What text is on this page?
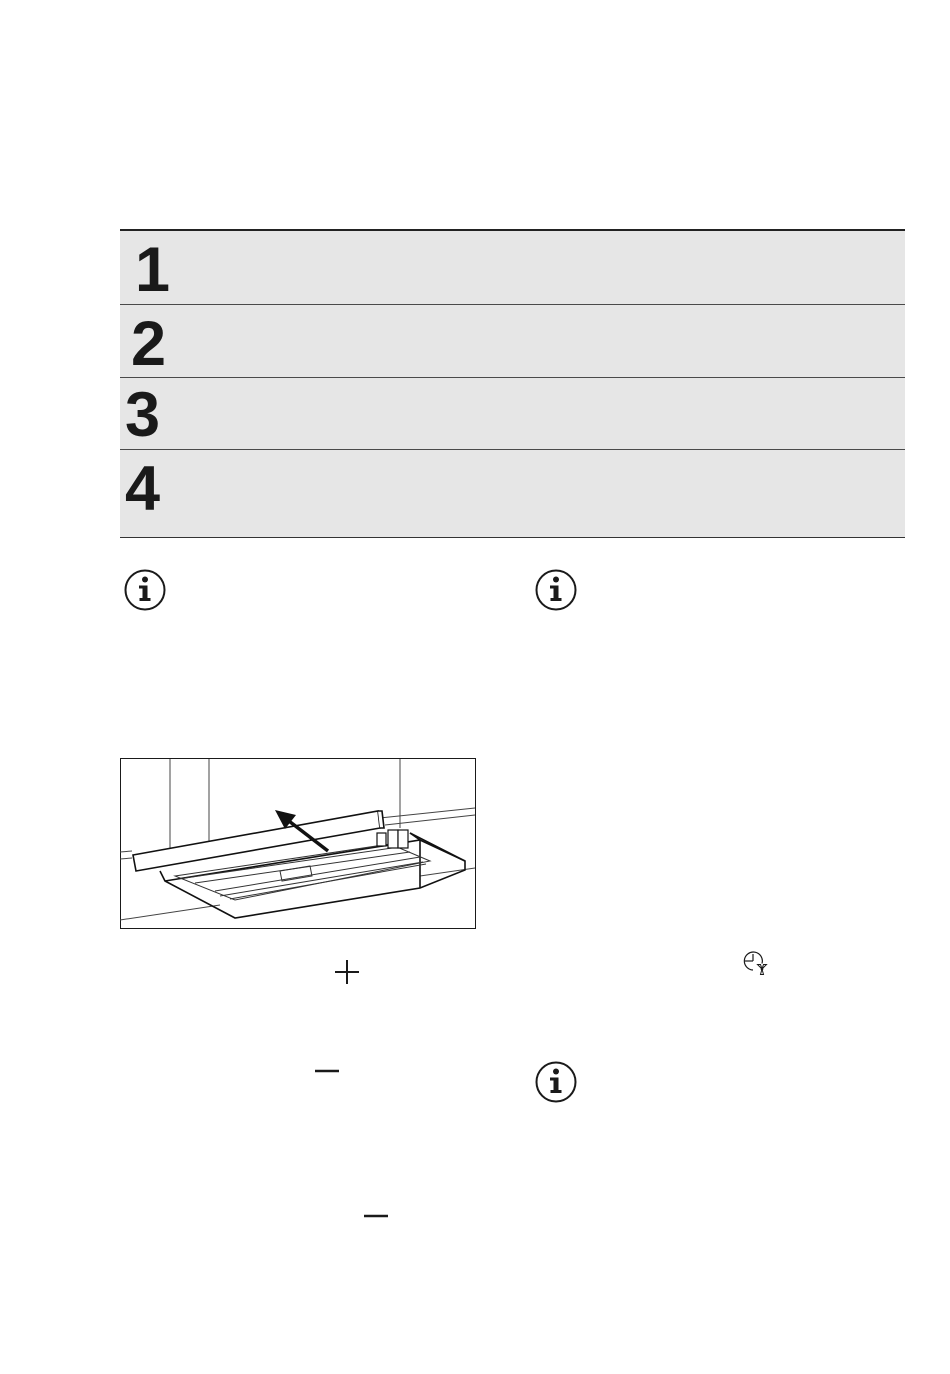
1
2
3
4
